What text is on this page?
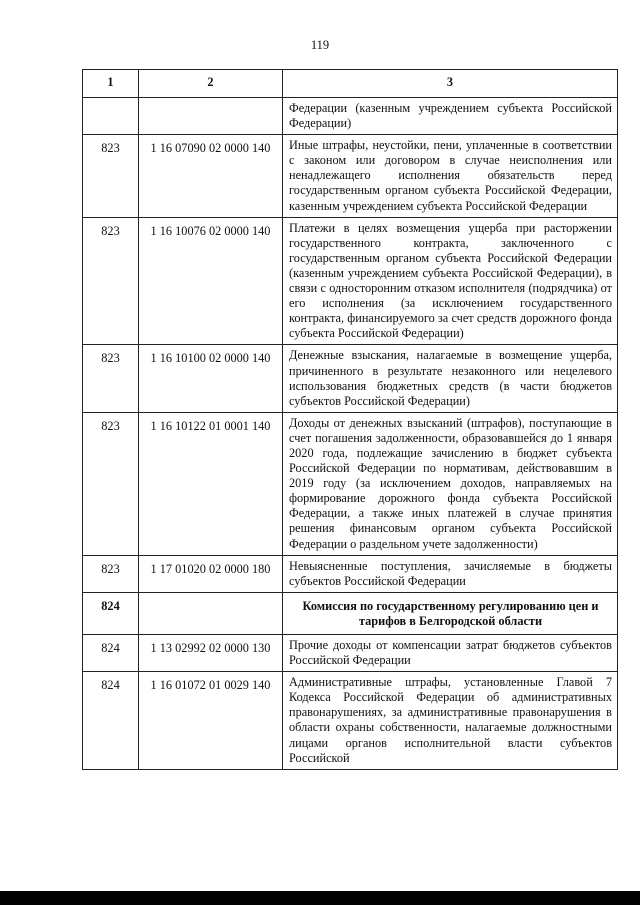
119
1	2	3
		Федерации (казенным учреждением субъекта Российской Федерации)
823	1 16 07090 02 0000 140	Иные штрафы, неустойки, пени, уплаченные в соответствии с законом или договором в случае неисполнения или ненадлежащего исполнения обязательств перед государственным органом субъекта Российской Федерации, казенным учреждением субъекта Российской Федерации
823	1 16 10076 02 0000 140	Платежи в целях возмещения ущерба при расторжении государственного контракта, заключенного с государственным органом субъекта Российской Федерации (казенным учреждением субъекта Российской Федерации), в связи с односторонним отказом исполнителя (подрядчика) от его исполнения (за исключением государственного контракта, финансируемого за счет средств дорожного фонда субъекта Российской Федерации)
823	1 16 10100 02 0000 140	Денежные взыскания, налагаемые в возмещение ущерба, причиненного в результате незаконного или нецелевого использования бюджетных средств (в части бюджетов субъектов Российской Федерации)
823	1 16 10122 01 0001 140	Доходы от денежных взысканий (штрафов), поступающие в счет погашения задолженности, образовавшейся до 1 января 2020 года, подлежащие зачислению в бюджет субъекта Российской Федерации по нормативам, действовавшим в 2019 году (за исключением доходов, направляемых на формирование дорожного фонда субъекта Российской Федерации, а также иных платежей в случае принятия решения финансовым органом субъекта Российской Федерации о раздельном учете задолженности)
823	1 17 01020 02 0000 180	Невыясненные поступления, зачисляемые в бюджеты субъектов Российской Федерации
824		Комиссия по государственному регулированию цен и тарифов в Белгородской области
824	1 13 02992 02 0000 130	Прочие доходы от компенсации затрат бюджетов субъектов Российской Федерации
824	1 16 01072 01 0029 140	Административные штрафы, установленные Главой 7 Кодекса Российской Федерации об административных правонарушениях, за административные правонарушения в области охраны собственности, налагаемые должностными лицами органов исполнительной власти субъектов Российской
